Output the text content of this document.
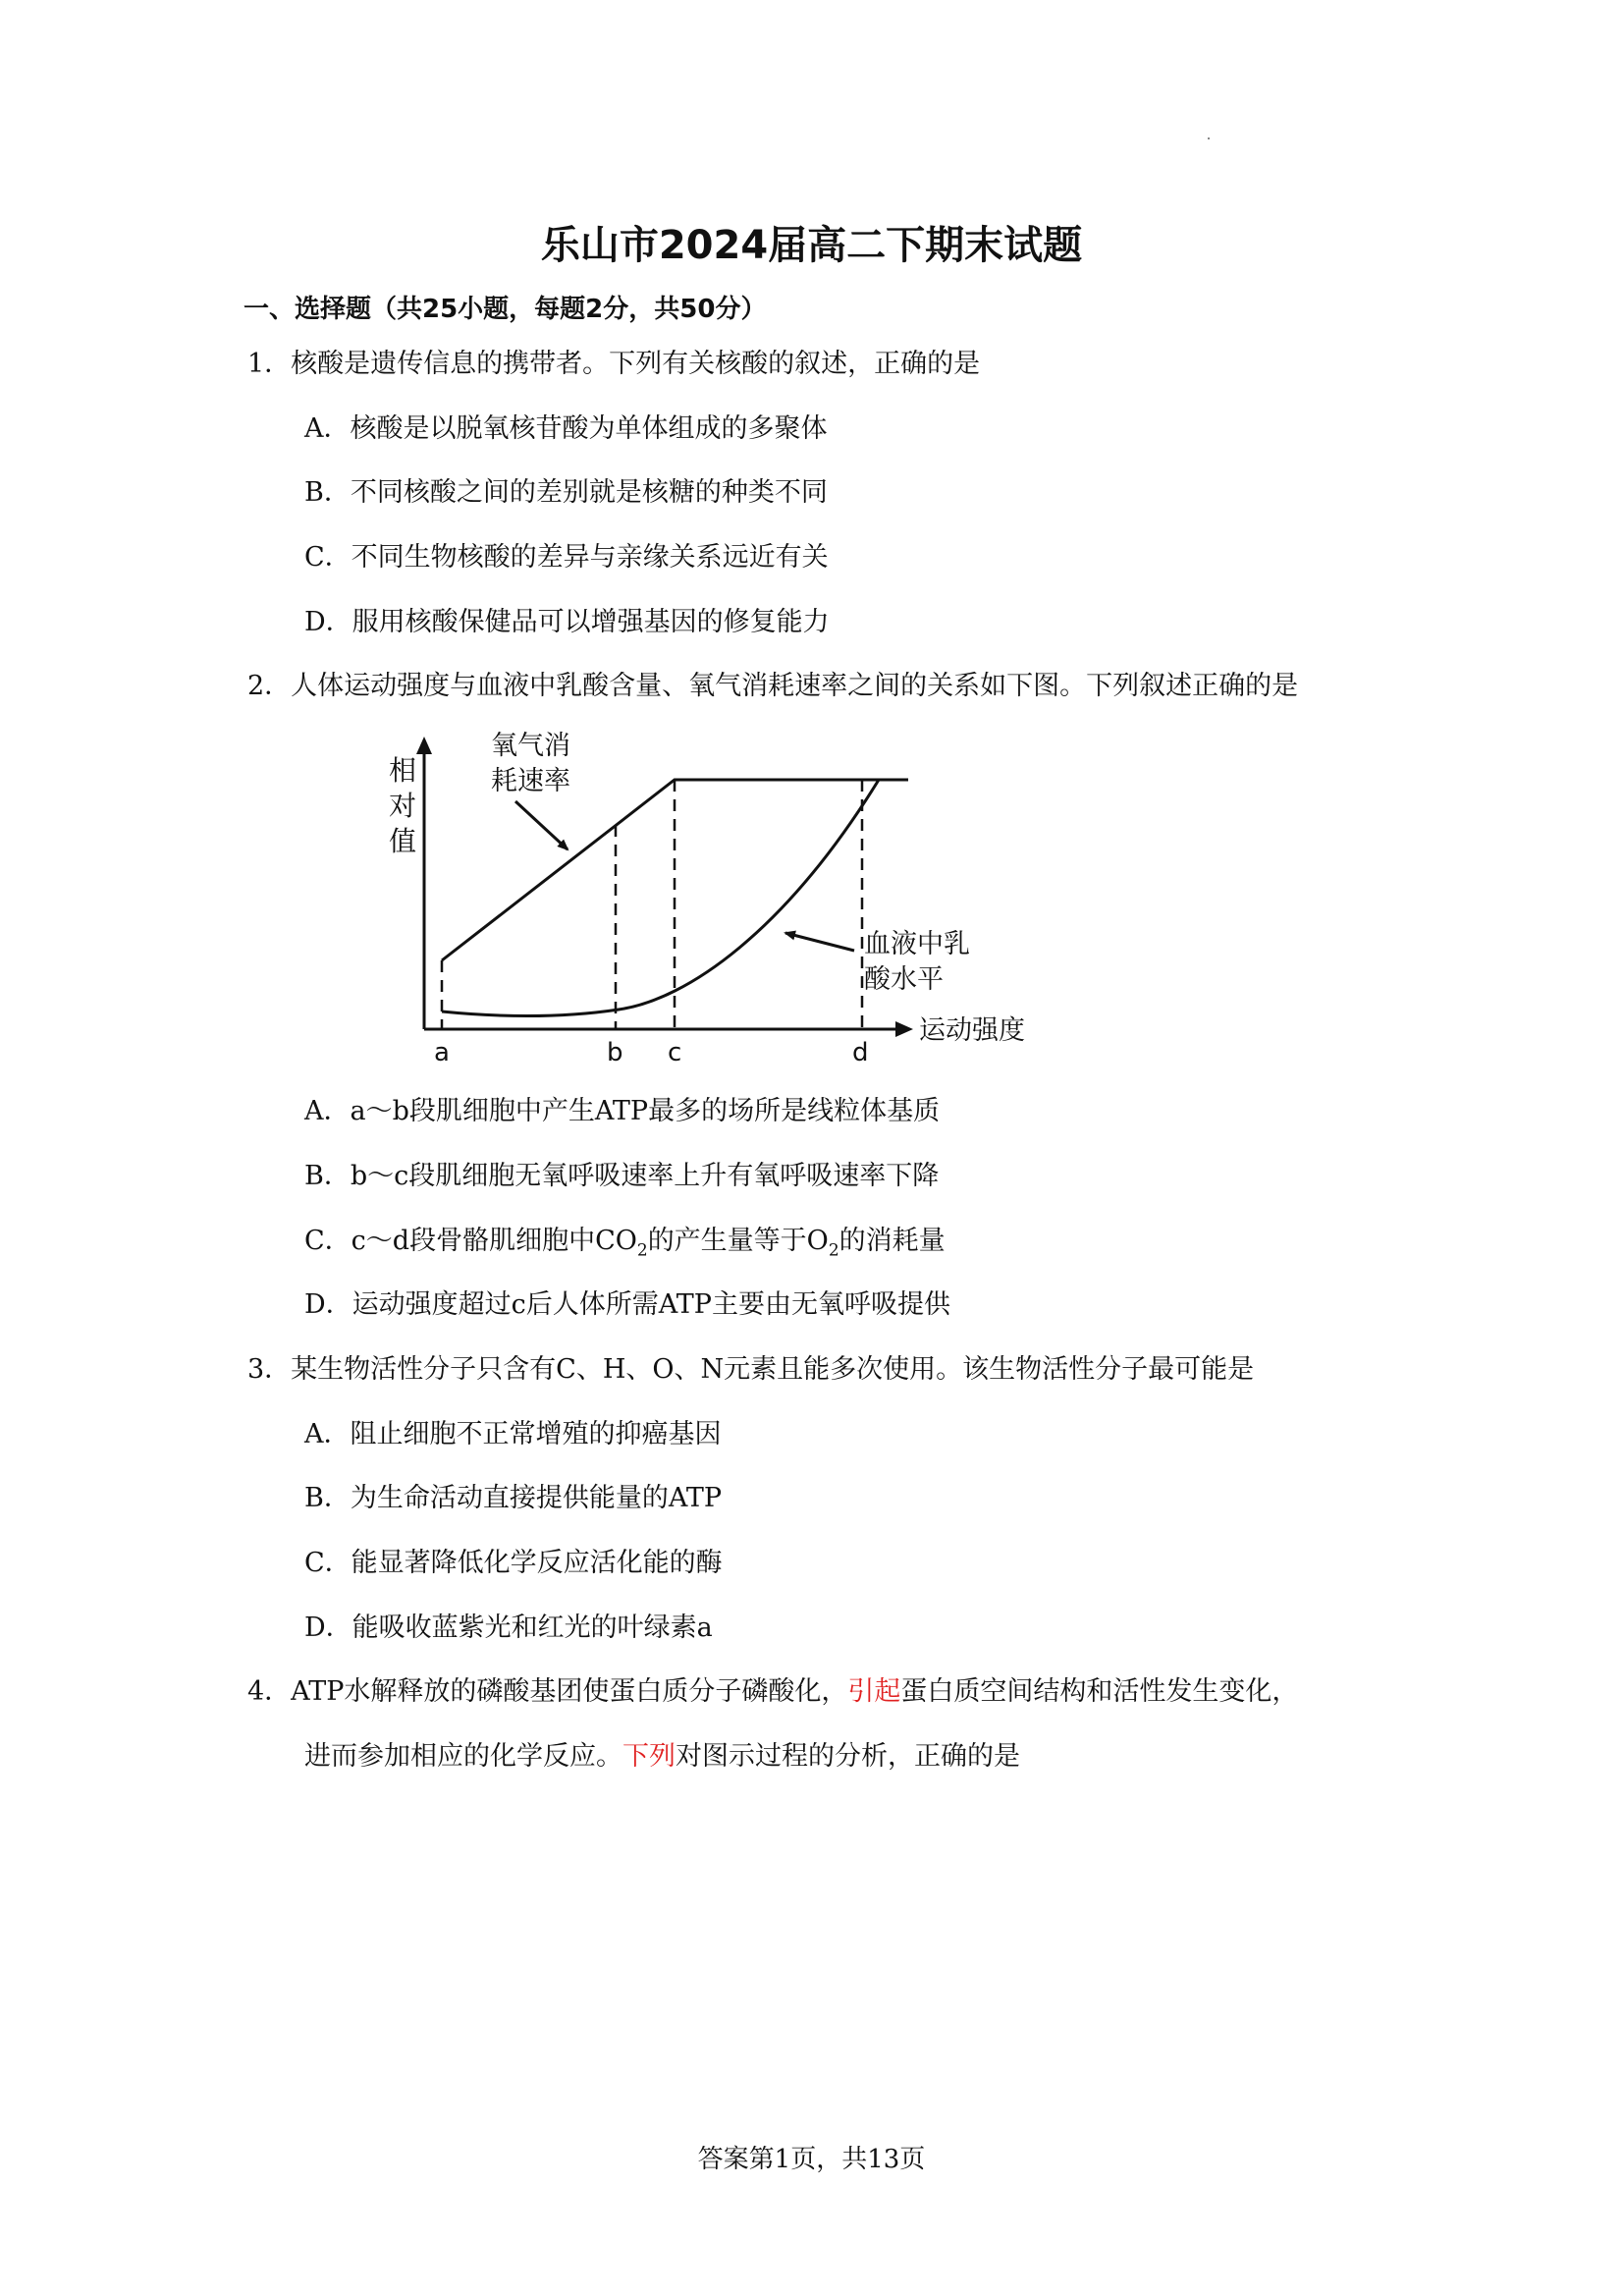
乐山市2024届高二下期末试题
一、选择题（共25小题，每题2分，共50分）
1．核酸是遗传信息的携带者。下列有关核酸的叙述，正确的是
A．核酸是以脱氧核苷酸为单体组成的多聚体
B．不同核酸之间的差别就是核糖的种类不同
C．不同生物核酸的差异与亲缘关系远近有关
D．服用核酸保健品可以增强基因的修复能力
2．人体运动强度与血液中乳酸含量、氧气消耗速率之间的关系如下图。下列叙述正确的是
相
对
值
氧气消
耗速率
血液中乳
酸水平
a	b c	d
运动强度
A．a～b段肌细胞中产生ATP最多的场所是线粒体基质
B．b～c段肌细胞无氧呼吸速率上升有氧呼吸速率下降
C．c～d段骨骼肌细胞中$CO_2$的产生量等于$O_2$的消耗量
D．运动强度超过c后人体所需ATP主要由无氧呼吸提供
3．某生物活性分子只含有C、H、O、N元素且能多次使用。该生物活性分子最可能是
A．阻止细胞不正常增殖的抑癌基因
B．为生命活动直接提供能量的ATP
C．能显著降低化学反应活化能的酶
D．能吸收蓝紫光和红光的叶绿素a
4．ATP水解释放的磷酸基团使蛋白质分子磷酸化，引起蛋白质空间结构和活性发生变化，
进而参加相应的化学反应。下列对图示过程的分析，正确的是
答案第1页，共13页
